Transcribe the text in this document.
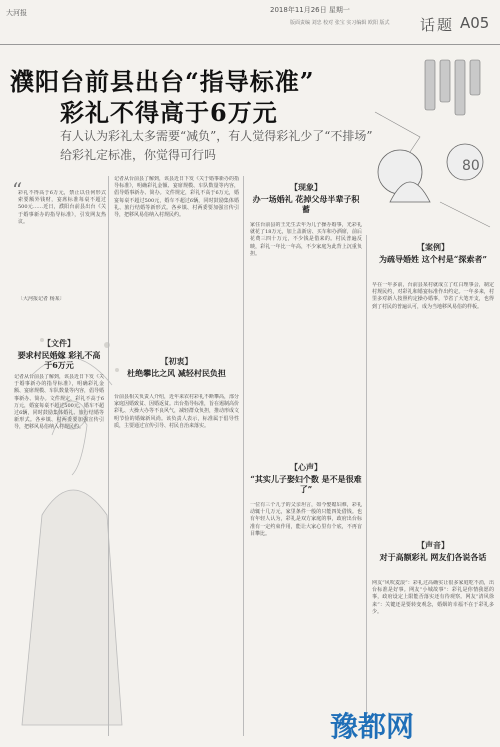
大河报	2018年11月26日 星期一
版面责编 刘忠 校对 张宝 实习编辑 欧阳 版式	话题 A05
濮阳台前县出台“指导标准”
彩礼不得高于6万元
有人认为彩礼太多需要“减负”，有人觉得彩礼少了“不排场”
给彩礼定标准，你觉得可行吗
80
“
彩礼不得高于6万元，禁止以任何形式索要额外钱财，宴席标准每桌不超过500元……近日，濮阳台前县出台《关于婚事新办的指导标准》，引发网友热议。
〔大河报记者 杨某〕
【文件】
要求村民婚嫁 彩礼不高于6万元
记者从台前县了解到，该县近日下发《关于婚事新办的指导标准》，明确彩礼金额、宴席规模、车队数量等内容，倡导婚事新办、简办。文件规定，彩礼不高于6万元，婚宴每桌不超过500元，婚车不超过6辆，同时鼓励集体婚礼、旅行结婚等新形式。各乡镇、村两委要加强宣传引导，把移风易俗纳入村规民约。
记者从台前县了解到，该县近日下发《关于婚事新办的指导标准》，明确彩礼金额、宴席规模、车队数量等内容，倡导婚事新办、简办。文件规定，彩礼不高于6万元，婚宴每桌不超过500元，婚车不超过6辆，同时鼓励集体婚礼、旅行结婚等新形式。各乡镇、村两委要加强宣传引导，把移风易俗纳入村规民约。
【初衷】
杜绝攀比之风 减轻村民负担
台前县相关负责人介绍，近年来农村彩礼不断攀高，部分家庭因婚致贫、因婚返贫。出台指导标准，旨在遏制高价彩礼、大操大办等不良风气，减轻群众负担，推动形成文明节俭的婚嫁新风尚。该负责人表示，标准属于倡导性质，主要通过宣传引导、村民自治来落实。
【现象】
办一场婚礼 花掉父母半辈子积蓄
家住台前县的王先生去年为儿子操办婚事，光彩礼就花了18万元，加上盖新房、买车和办酒席，前后花费三四十万元，不少钱是借来的。村民普遍反映，彩礼一年比一年高，不少家庭为此背上沉重负担。
【心声】
“其实儿子娶妇个数 是不是很难了”
一位有三个儿子的父亲坦言，如今娶媳妇难，彩礼动辄十几万元，家里条件一般的只能四处借钱。也有年轻人认为，彩礼是双方家庭的事，政府出台标准有一定约束作用，能让大家心里有个底，不再盲目攀比。
【案例】
为疏导婚姓 这个村是“探索者”
早在一年多前，台前县某村就成立了红白理事会，制定村规民约，对彩礼和婚宴标准作出约定。一年多来，村里多对新人按照约定操办婚事，节省了大笔开支，也得到了村民的普遍认可，成为当地移风易俗的样板。
【声音】
对于高额彩礼 网友们各说各话
网友“风吹麦浪”：彩礼过高确实让很多家庭吃不消，出台标准是好事。网友“小城故事”：彩礼是你情我愿的事，政府设定上限能否落实还有待观察。网友“清风徐来”：关键还是要转变观念，婚姻的幸福不在于彩礼多少。
豫都网
